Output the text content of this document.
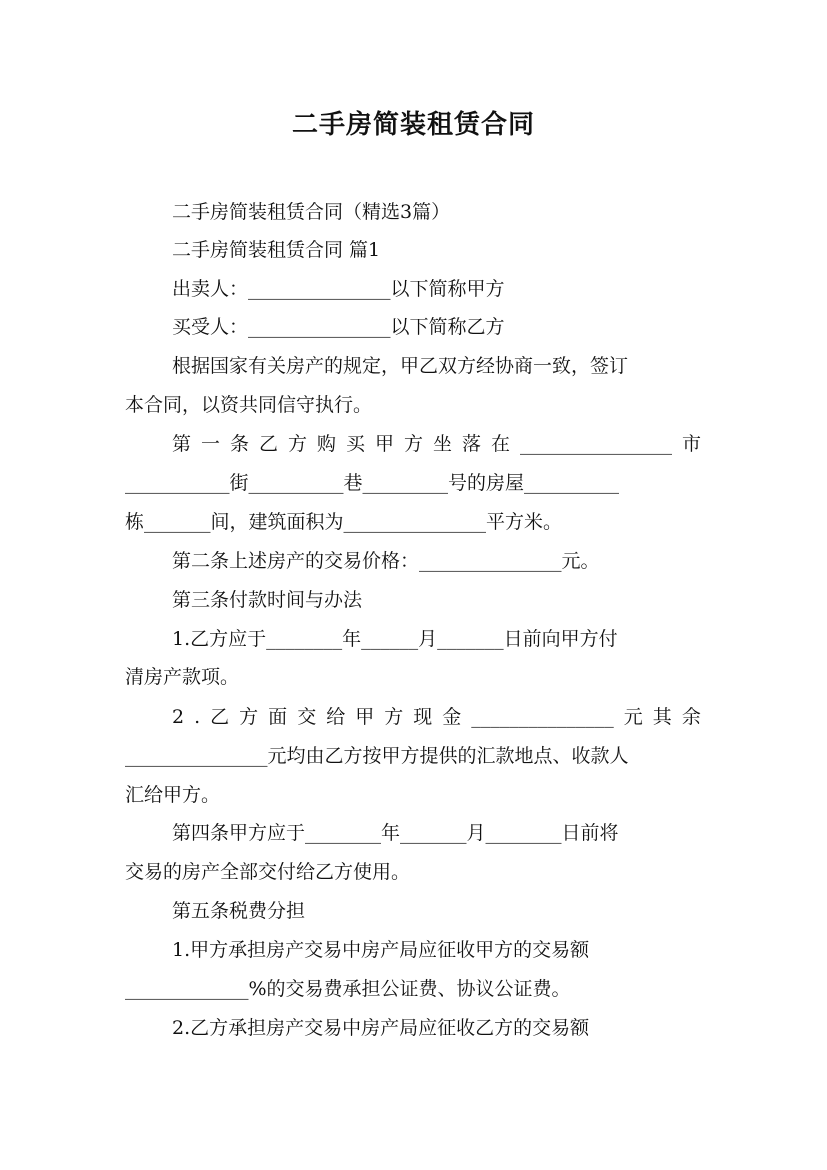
二手房简装租赁合同
二手房简装租赁合同（精选3篇）
二手房简装租赁合同 篇1
出卖人：_______________以下简称甲方
买受人：_______________以下简称乙方
根据国家有关房产的规定，甲乙双方经协商一致，签订
本合同，以资共同信守执行。
第 一 条 乙 方 购 买 甲 方 坐 落 在 ________________ 市
___________街__________巷_________号的房屋__________
栋_______间，建筑面积为_______________平方米。
第二条上述房产的交易价格：_______________元。
第三条付款时间与办法
1.乙方应于________年______月_______日前向甲方付
清房产款项。
2 . 乙 方 面 交 给 甲 方 现 金 _______________ 元 其 余
_______________元均由乙方按甲方提供的汇款地点、收款人
汇给甲方。
第四条甲方应于________年_______月________日前将
交易的房产全部交付给乙方使用。
第五条税费分担
1.甲方承担房产交易中房产局应征收甲方的交易额
_____________%的交易费承担公证费、协议公证费。
2.乙方承担房产交易中房产局应征收乙方的交易额
